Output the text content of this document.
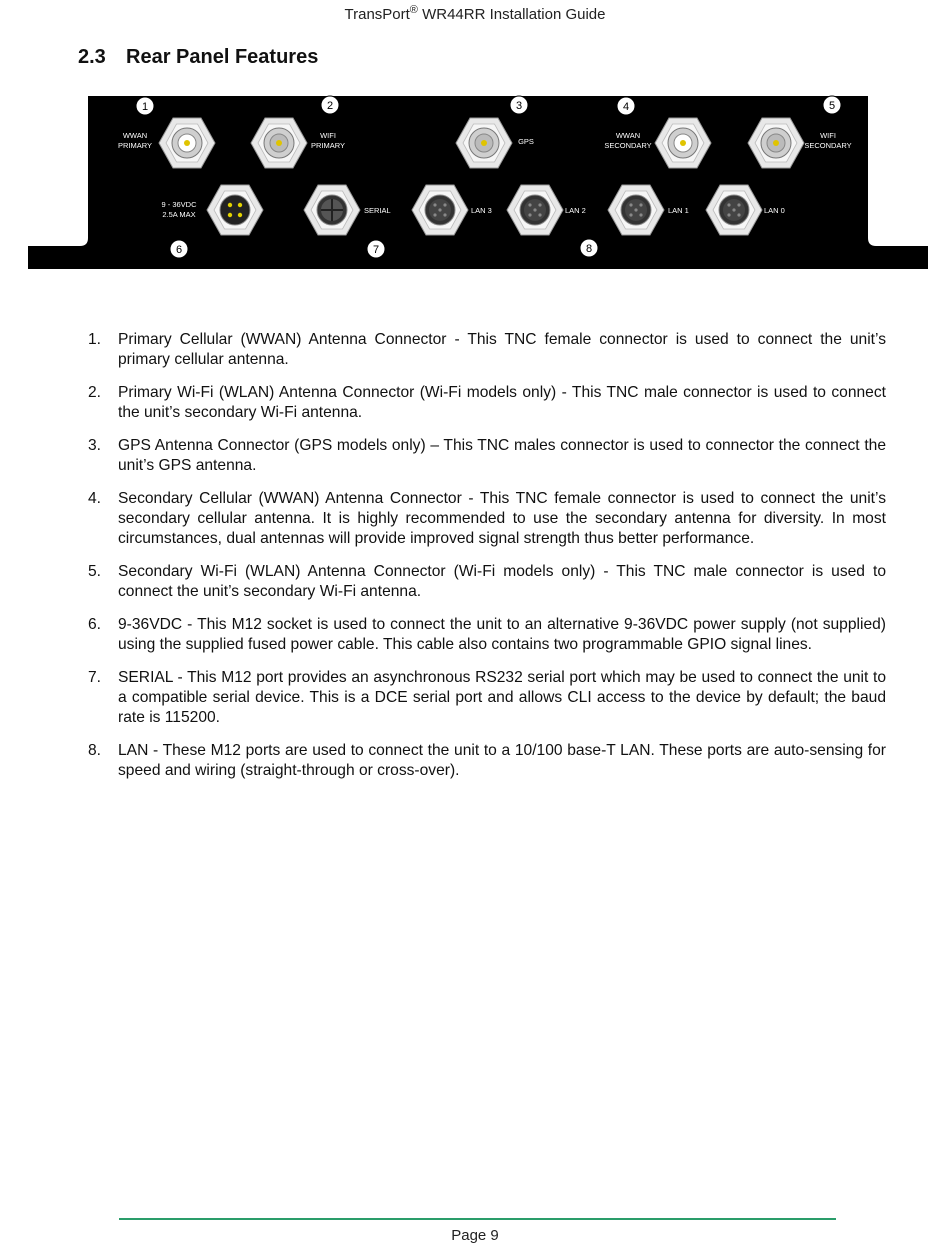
TransPort® WR44RR Installation Guide
2.3 Rear Panel Features
WWAN
PRIMARY
WIFI
PRIMARY	GPS
WWAN
SECONDARY
WIFI
SECONDARY
9 - 36VDC
2.5A MAX	SERIAL	LAN 3	LAN 2	LAN 1	LAN 0
1	2	3	4	5
6	7	8
1. Primary Cellular (WWAN) Antenna Connector - This TNC female connector is used to connect the unit’s primary cellular antenna.
2. Primary Wi-Fi (WLAN) Antenna Connector (Wi-Fi models only) - This TNC male connector is used to connect the unit’s secondary Wi-Fi antenna.
3. GPS Antenna Connector (GPS models only) – This TNC males connector is used to connector the connect the unit’s GPS antenna.
4. Secondary Cellular (WWAN) Antenna Connector - This TNC female connector is used to connect the unit’s secondary cellular antenna. It is highly recommended to use the secondary antenna for diversity. In most circumstances, dual antennas will provide improved signal strength thus better performance.
5. Secondary Wi-Fi (WLAN) Antenna Connector (Wi-Fi models only) - This TNC male connector is used to connect the unit’s secondary Wi-Fi antenna.
6. 9-36VDC - This M12 socket is used to connect the unit to an alternative 9-36VDC power supply (not supplied) using the supplied fused power cable. This cable also contains two programmable GPIO signal lines.
7. SERIAL - This M12 port provides an asynchronous RS232 serial port which may be used to connect the unit to a compatible serial device. This is a DCE serial port and allows CLI access to the device by default; the baud rate is 115200.
8. LAN - These M12 ports are used to connect the unit to a 10/100 base-T LAN. These ports are auto-sensing for speed and wiring (straight-through or cross-over).
Page 9
